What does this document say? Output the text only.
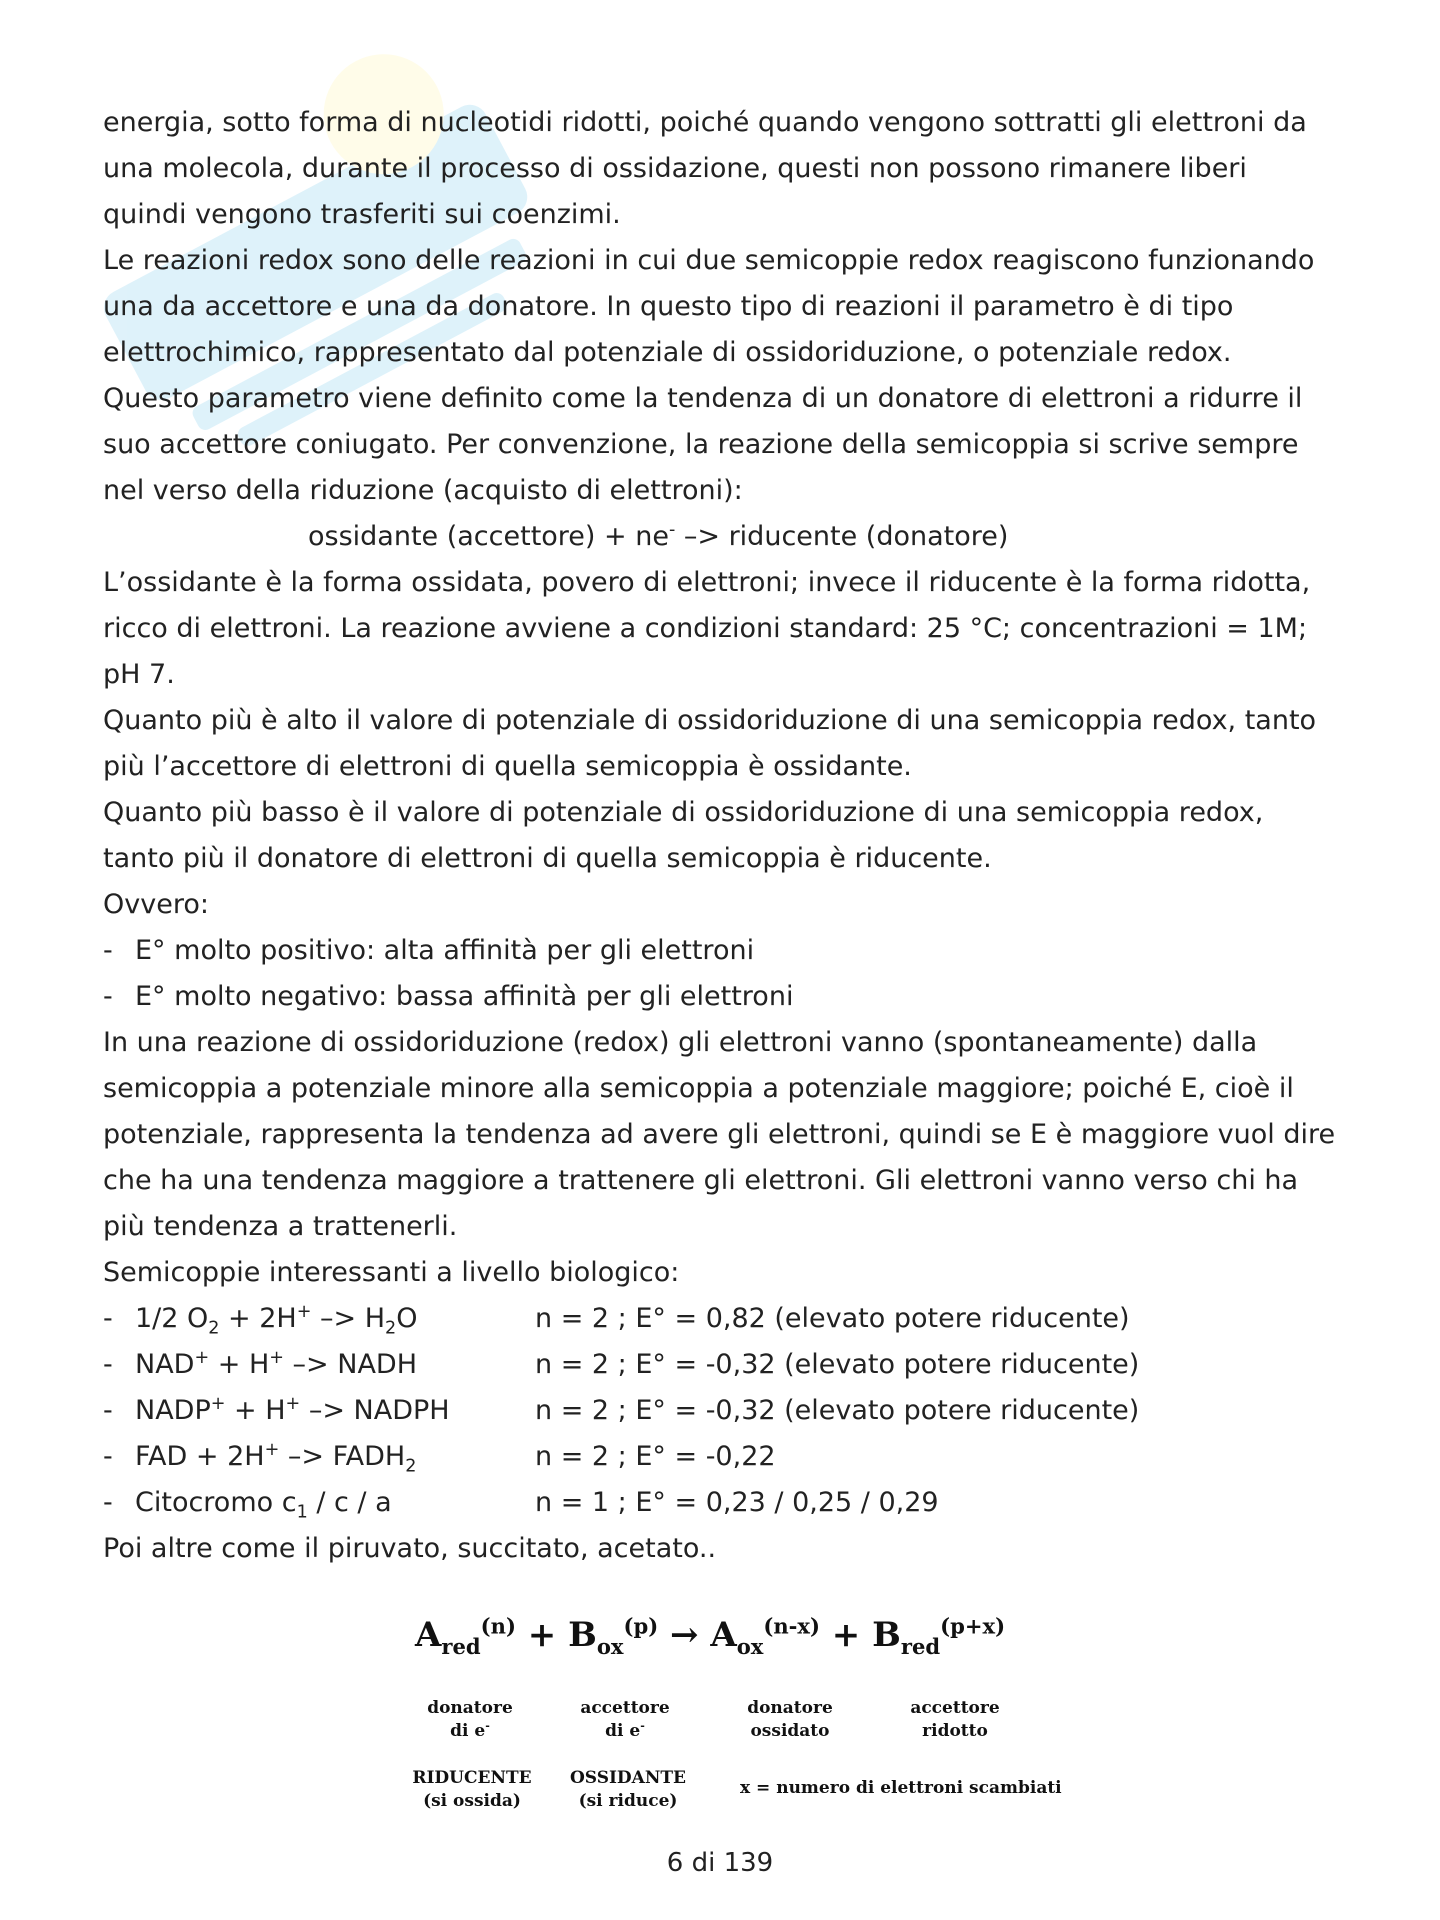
energia, sotto forma di nucleotidi ridotti, poiché quando vengono sottratti gli elettroni da

una molecola, durante il processo di ossidazione, questi non possono rimanere liberi

quindi vengono trasferiti sui coenzimi.

Le reazioni redox sono delle reazioni in cui due semicoppie redox reagiscono funzionando

una da accettore e una da donatore. In questo tipo di reazioni il parametro è di tipo

elettrochimico, rappresentato dal potenziale di ossidoriduzione, o potenziale redox.

Questo parametro viene definito come la tendenza di un donatore di elettroni a ridurre il

suo accettore coniugato. Per convenzione, la reazione della semicoppia si scrive sempre

nel verso della riduzione (acquisto di elettroni):

ossidante (accettore) + ne- –> riducente (donatore)

L’ossidante è la forma ossidata, povero di elettroni; invece il riducente è la forma ridotta,

ricco di elettroni. La reazione avviene a condizioni standard: 25 °C; concentrazioni = 1M;

pH 7.

Quanto più è alto il valore di potenziale di ossidoriduzione di una semicoppia redox, tanto

più l’accettore di elettroni di quella semicoppia è ossidante.

Quanto più basso è il valore di potenziale di ossidoriduzione di una semicoppia redox,

tanto più il donatore di elettroni di quella semicoppia è riducente.

Ovvero:

- E° molto positivo: alta affinità per gli elettroni

- E° molto negativo: bassa affinità per gli elettroni

In una reazione di ossidoriduzione (redox) gli elettroni vanno (spontaneamente) dalla

semicoppia a potenziale minore alla semicoppia a potenziale maggiore; poiché E, cioè il

potenziale, rappresenta la tendenza ad avere gli elettroni, quindi se E è maggiore vuol dire

che ha una tendenza maggiore a trattenere gli elettroni. Gli elettroni vanno verso chi ha

più tendenza a trattenerli.

Semicoppie interessanti a livello biologico:

- 1/2 $O_2 + 2H^+ -> H_2O$	n = 2 ; E° = 0,82 (elevato potere riducente)

- NAD+ + H+ –> NADH	n = 2 ; E° = -0,32 (elevato potere riducente)

- NADP+ + H+ –> NADPH	n = 2 ; E° = -0,32 (elevato potere riducente)

- FAD + $2H^+ -> FADH_2$	n = 2 ; E° = -0,22

- Citocromo $c_1$ / c / a	n = 1 ; E° = 0,23 / 0,25 / 0,29

Poi altre come il piruvato, succitato, acetato..

$A_{red}^{(n)} + B_{ox}^{(p)} \to A_{ox}^{(n-x)} + B_{red}^{(p+x)}$
donatore
di e-
accettore
di e-
donatore
ossidato
accettore
ridotto
RIDUCENTE
(si ossida)
OSSIDANTE
(si riduce)
x = numero di elettroni scambiati
6 di 139
